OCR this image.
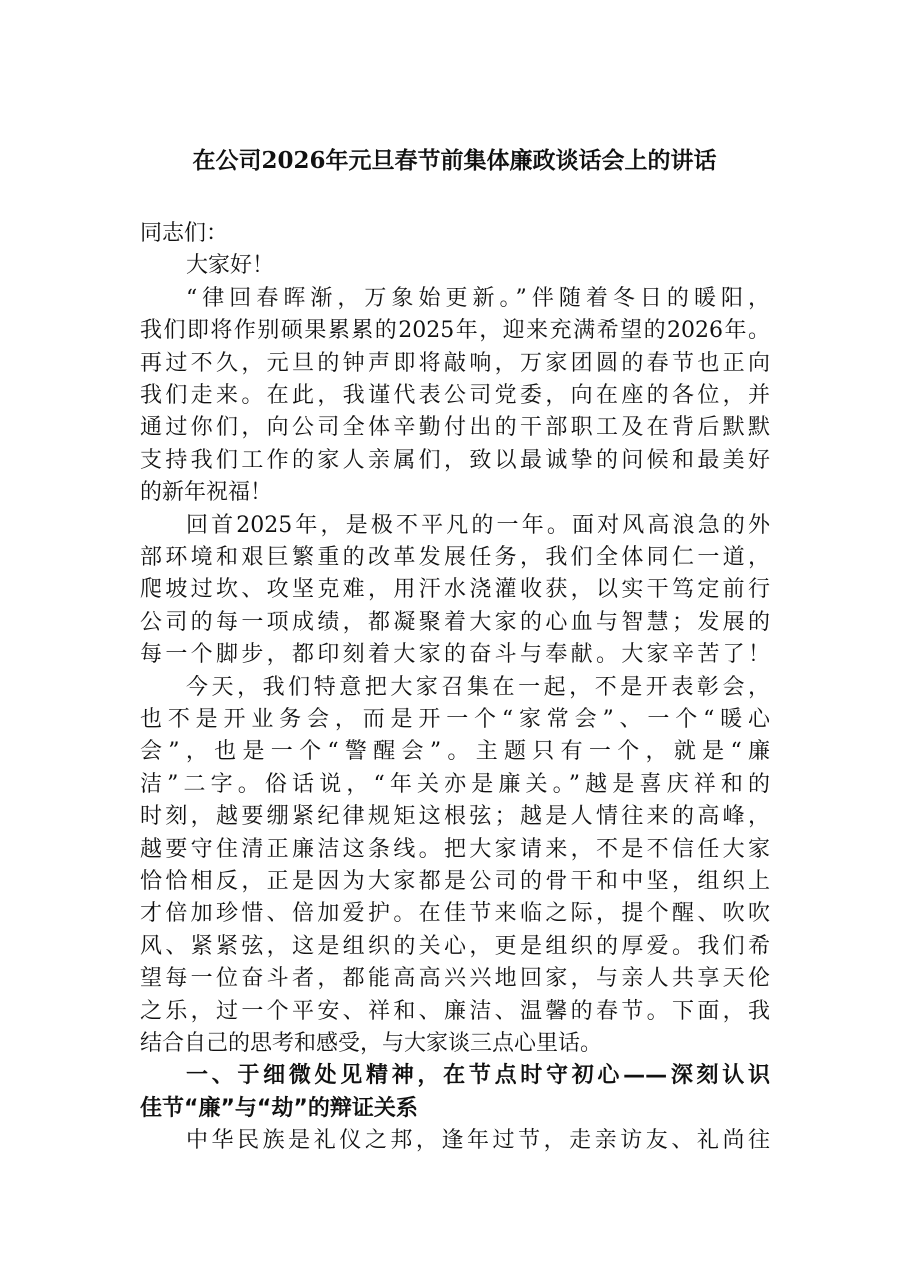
在公司2026年元旦春节前集体廉政谈话会上的讲话
同志们：
大家好！
“律回春晖渐，万象始更新。”伴随着冬日的暖阳，
我们即将作别硕果累累的2025年，迎来充满希望的2026年。
再过不久，元旦的钟声即将敲响，万家团圆的春节也正向
我们走来。在此，我谨代表公司党委，向在座的各位，并
通过你们，向公司全体辛勤付出的干部职工及在背后默默
支持我们工作的家人亲属们，致以最诚挚的问候和最美好
的新年祝福！
回首2025年，是极不平凡的一年。面对风高浪急的外
部环境和艰巨繁重的改革发展任务，我们全体同仁一道，
爬坡过坎、攻坚克难，用汗水浇灌收获，以实干笃定前行
公司的每一项成绩，都凝聚着大家的心血与智慧；发展的
每一个脚步，都印刻着大家的奋斗与奉献。大家辛苦了！
今天，我们特意把大家召集在一起，不是开表彰会，
也不是开业务会，而是开一个“家常会”、一个“暖心
会”，也是一个“警醒会”。主题只有一个，就是“廉
洁”二字。俗话说，“年关亦是廉关。”越是喜庆祥和的
时刻，越要绷紧纪律规矩这根弦；越是人情往来的高峰，
越要守住清正廉洁这条线。把大家请来，不是不信任大家
恰恰相反，正是因为大家都是公司的骨干和中坚，组织上
才倍加珍惜、倍加爱护。在佳节来临之际，提个醒、吹吹
风、紧紧弦，这是组织的关心，更是组织的厚爱。我们希
望每一位奋斗者，都能高高兴兴地回家，与亲人共享天伦
之乐，过一个平安、祥和、廉洁、温馨的春节。下面，我
结合自己的思考和感受，与大家谈三点心里话。
一、于细微处见精神，在节点时守初心——深刻认识
佳节“廉”与“劫”的辩证关系
中华民族是礼仪之邦，逢年过节，走亲访友、礼尚往
